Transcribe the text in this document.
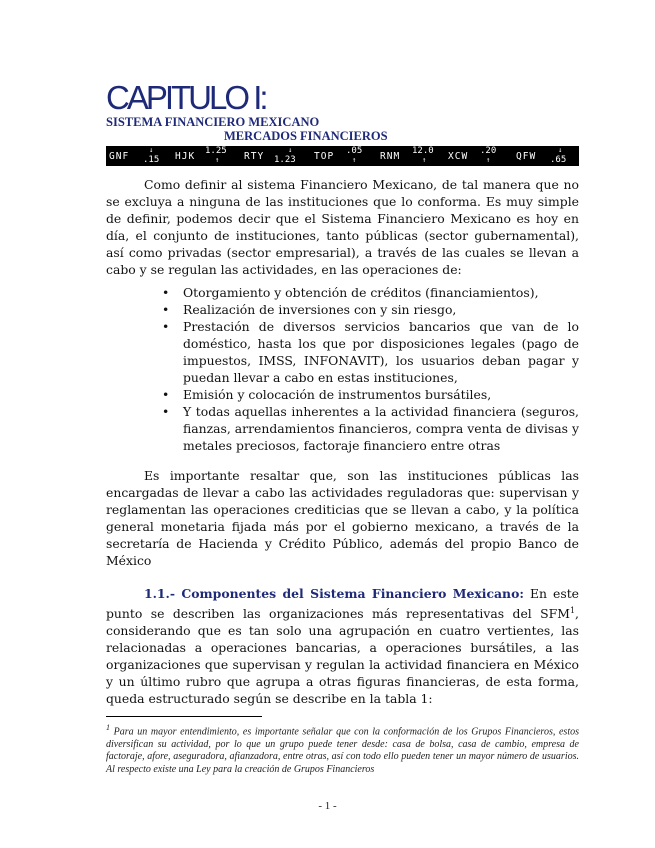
CAPITULO I:
SISTEMA FINANCIERO MEXICANO
MERCADOS FINANCIEROS
GNF
↓
.15 HJK 1.25
↑	RTY
↓
1.23 TOP .05
↑	RNM 12.0
↑ XCW .20
↑	QFW
↓
.65

Como definir al sistema Financiero Mexicano, de tal manera que no se excluya a ninguna de las instituciones que lo conforma. Es muy simple de definir, podemos decir que el Sistema Financiero Mexicano es hoy en día, el conjunto de instituciones, tanto públicas (sector gubernamental), así como privadas (sector empresarial), a través de las cuales se llevan a cabo y se regulan las actividades, en las operaciones de:

• Otorgamiento y obtención de créditos (financiamientos),
• Realización de inversiones con y sin riesgo,
• Prestación de diversos servicios bancarios que van de lo doméstico, hasta los que por disposiciones legales (pago de impuestos, IMSS, INFONAVIT), los usuarios deban pagar y puedan llevar a cabo en estas instituciones,
• Emisión y colocación de instrumentos bursátiles,
• Y todas aquellas inherentes a la actividad financiera (seguros, fianzas, arrendamientos financieros, compra venta de divisas y metales preciosos, factoraje financiero entre otras

Es importante resaltar que, son las instituciones públicas las encargadas de llevar a cabo las actividades reguladoras que: supervisan y reglamentan las operaciones crediticias que se llevan a cabo, y la política general monetaria fijada más por el gobierno mexicano, a través de la secretaría de Hacienda y Crédito Público, además del propio Banco de México

1.1.- Componentes del Sistema Financiero Mexicano: En este punto se describen las organizaciones más representativas del SFM$^1$, considerando que es tan solo una agrupación en cuatro vertientes, las relacionadas a operaciones bancarias, a operaciones bursátiles, a las organizaciones que supervisan y regulan la actividad financiera en México y un último rubro que agrupa a otras figuras financieras, de esta forma, queda estructurado según se describe en la tabla 1:

$^1$ Para un mayor entendimiento, es importante señalar que con la conformación de los Grupos Financieros, estos diversifican su actividad, por lo que un grupo puede tener desde: casa de bolsa, casa de cambio, empresa de factoraje, afore, aseguradora, afianzadora, entre otras, así con todo ello pueden tener un mayor número de usuarios. Al respecto existe una Ley para la creación de Grupos Financieros

- 1 -
